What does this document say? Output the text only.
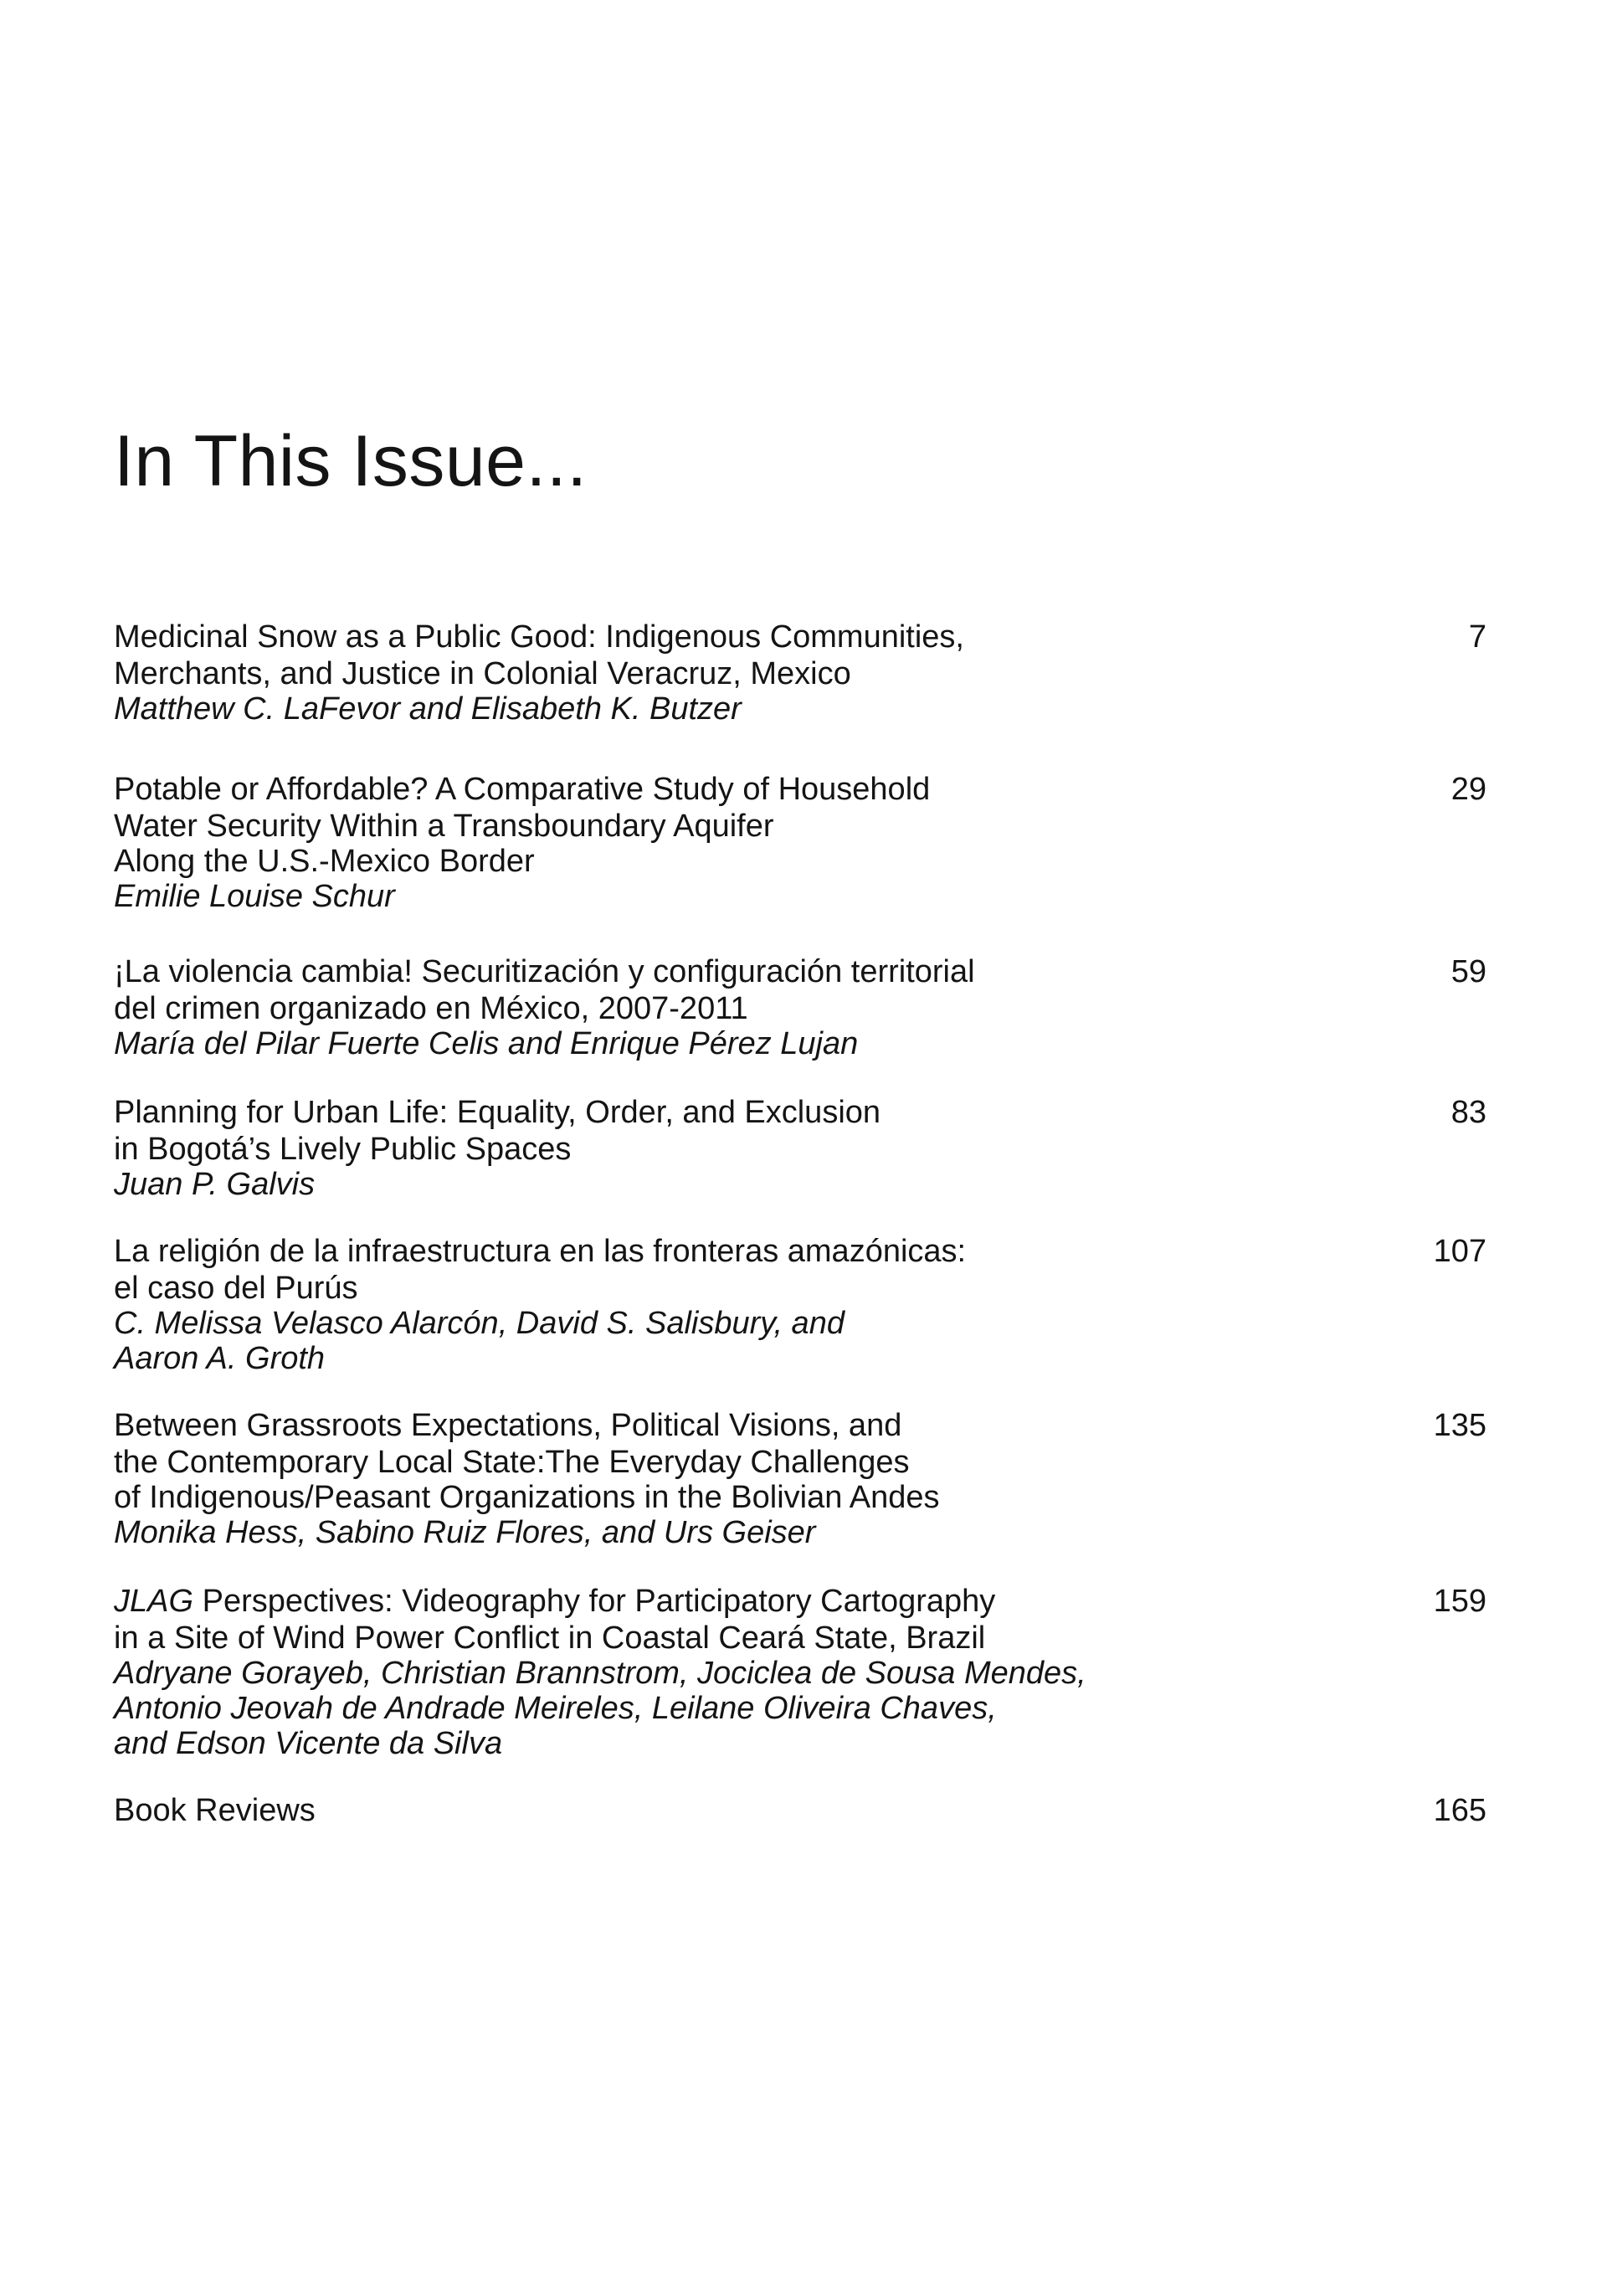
In This Issue...
Medicinal Snow as a Public Good: Indigenous Communities,
Merchants, and Justice in Colonial Veracruz, Mexico
Matthew C. LaFevor and Elisabeth K. Butzer
7
Potable or Affordable? A Comparative Study of Household
Water Security Within a Transboundary Aquifer
Along the U.S.-Mexico Border
Emilie Louise Schur
29
¡La violencia cambia! Securitización y configuración territorial
del crimen organizado en México, 2007-2011
María del Pilar Fuerte Celis and Enrique Pérez Lujan
59
Planning for Urban Life: Equality, Order, and Exclusion
in Bogotá’s Lively Public Spaces
Juan P. Galvis
83
La religión de la infraestructura en las fronteras amazónicas:
el caso del Purús
C. Melissa Velasco Alarcón, David S. Salisbury, and
Aaron A. Groth
107
Between Grassroots Expectations, Political Visions, and
the Contemporary Local State:The Everyday Challenges
of Indigenous/Peasant Organizations in the Bolivian Andes
Monika Hess, Sabino Ruiz Flores, and Urs Geiser
135
JLAG Perspectives: Videography for Participatory Cartography
in a Site of Wind Power Conflict in Coastal Ceará State, Brazil
Adryane Gorayeb, Christian Brannstrom, Jociclea de Sousa Mendes,
Antonio Jeovah de Andrade Meireles, Leilane Oliveira Chaves,
and Edson Vicente da Silva
159
Book Reviews	165
